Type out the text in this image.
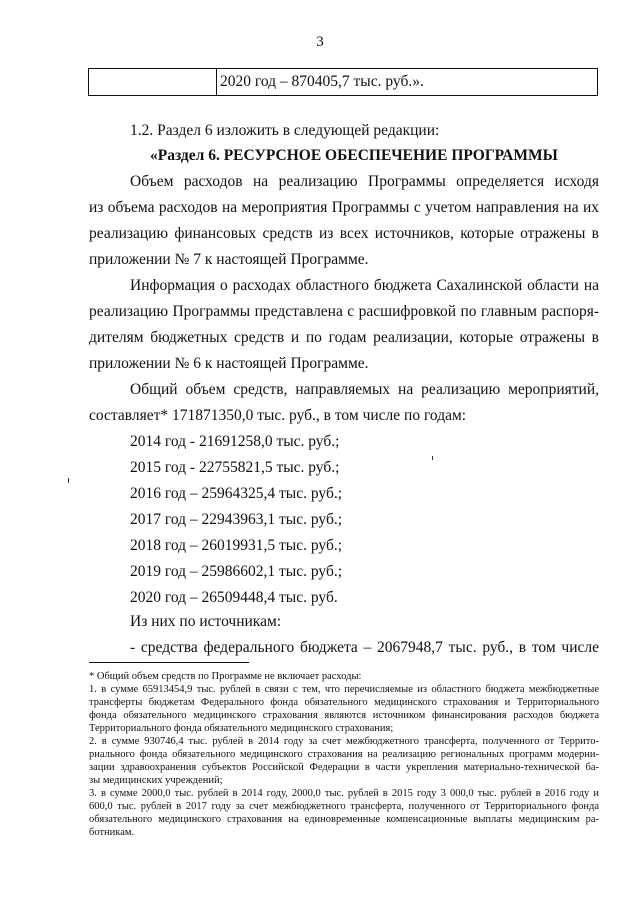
3
	2020 год – 870405,7 тыс. руб.».
1.2. Раздел 6 изложить в следующей редакции:
«Раздел 6. РЕСУРСНОЕ ОБЕСПЕЧЕНИЕ ПРОГРАММЫ
Объем расходов на реализацию Программы определяется исходя
из объема расходов на мероприятия Программы с учетом направления на их
реализацию финансовых средств из всех источников, которые отражены в
приложении № 7 к настоящей Программе.
Информация о расходах областного бюджета Сахалинской области на
реализацию Программы представлена с расшифровкой по главным распоря-
дителям бюджетных средств и по годам реализации, которые отражены в
приложении № 6 к настоящей Программе.
Общий объем средств, направляемых на реализацию мероприятий,
составляет* 171871350,0 тыс. руб., в том числе по годам:
2014 год - 21691258,0 тыс. руб.;
2015 год - 22755821,5 тыс. руб.;
2016 год – 25964325,4 тыс. руб.;
2017 год – 22943963,1 тыс. руб.;
2018 год – 26019931,5 тыс. руб.;
2019 год – 25986602,1 тыс. руб.;
2020 год – 26509448,4 тыс. руб.
Из них по источникам:
- средства федерального бюджета – 2067948,7 тыс. руб., в том числе
* Общий объем средств по Программе не включает расходы:
1. в сумме 65913454,9 тыс. рублей в связи с тем, что перечисляемые из областного бюджета межбюджетные
трансферты бюджетам Федерального фонда обязательного медицинского страхования и Территориального
фонда обязательного медицинского страхования являются источником финансирования расходов бюджета
Территориального фонда обязательного медицинского страхования;
2. в сумме 930746,4 тыс. рублей в 2014 году за счет межбюджетного трансферта, полученного от Террито-
риального фонда обязательного медицинского страхования на реализацию региональных программ модерни-
зации здравоохранения субъектов Российской Федерации в части укрепления материально-технической ба-
зы медицинских учреждений;
3. в сумме 2000,0 тыс. рублей в 2014 году, 2000,0 тыс. рублей в 2015 году 3 000,0 тыс. рублей в 2016 году и
600,0 тыс. рублей в 2017 году за счет межбюджетного трансферта, полученного от Территориального фонда
обязательного медицинского страхования на единовременные компенсационные выплаты медицинским ра-
ботникам.
